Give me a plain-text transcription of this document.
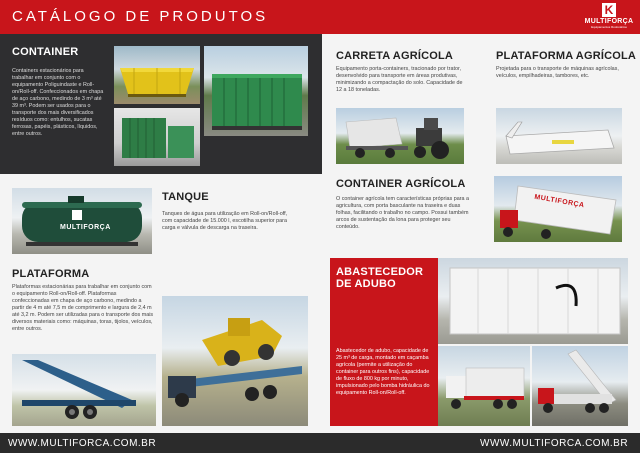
CATÁLOGO DE PRODUTOS	K
MULTIFORÇA
Equipamentos Rodoviários
CONTAINER
Containers estacionários para trabalhar em conjunto com o equipamento Poliguindaste e Roll-on/Roll-off. Confeccionados em chapa de aço carbono, medindo de 3 m³ até 39 m³. Podem ser usados para o transporte dos mais diversificados resíduos como: entulhos, sucatas ferrosas, papéis, plásticos, líquidos, entre outros.
MULTIFORÇA
TANQUE
Tanques de água para utilização em Roll-on/Roll-off, com capacidade de 15.000 l, escotilha superior para carga e válvula de descarga na traseira.
PLATAFORMA
Plataformas estacionárias para trabalhar em conjunto com o equipamento Roll-on/Roll-off. Plataformas confeccionadas em chapa de aço carbono, medindo a partir de 4 m até 7,5 m de comprimento e largura de 2,4 m até 3,2 m. Podem ser utilizadas para o transporte dos mais diversos materiais como: máquinas, toras, tijolos, veículos, entre outros.
CARRETA AGRÍCOLA
Equipamento porta-containers, tracionado por trator, desenvolvido para transporte em áreas produtivas, minimizando a compactação do solo. Capacidade de 12 a 18 toneladas.
PLATAFORMA AGRÍCOLA
Projetada para o transporte de máquinas agrícolas, veículos, empilhadeiras, tambores, etc.
CONTAINER AGRÍCOLA
O container agrícola tem características próprias para a agricultura, com porta basculante na traseira e duas folhas, facilitando o trabalho no campo. Possui também arcos de sustentação da lona para proteger seu conteúdo.
MULTIFORÇA
ABASTECEDOR DE ADUBO
Abastecedor de adubo, capacidade de 25 m³ de carga, montado em caçamba agrícola (permite a utilização do container para outros fins), capacidade de fluxo de 800 kg por minuto, impulsionado pelo bomba hidráulica do equipamento Roll-on/Roll-off.
WWW.MULTIFORCA.COM.BR	WWW.MULTIFORCA.COM.BR
